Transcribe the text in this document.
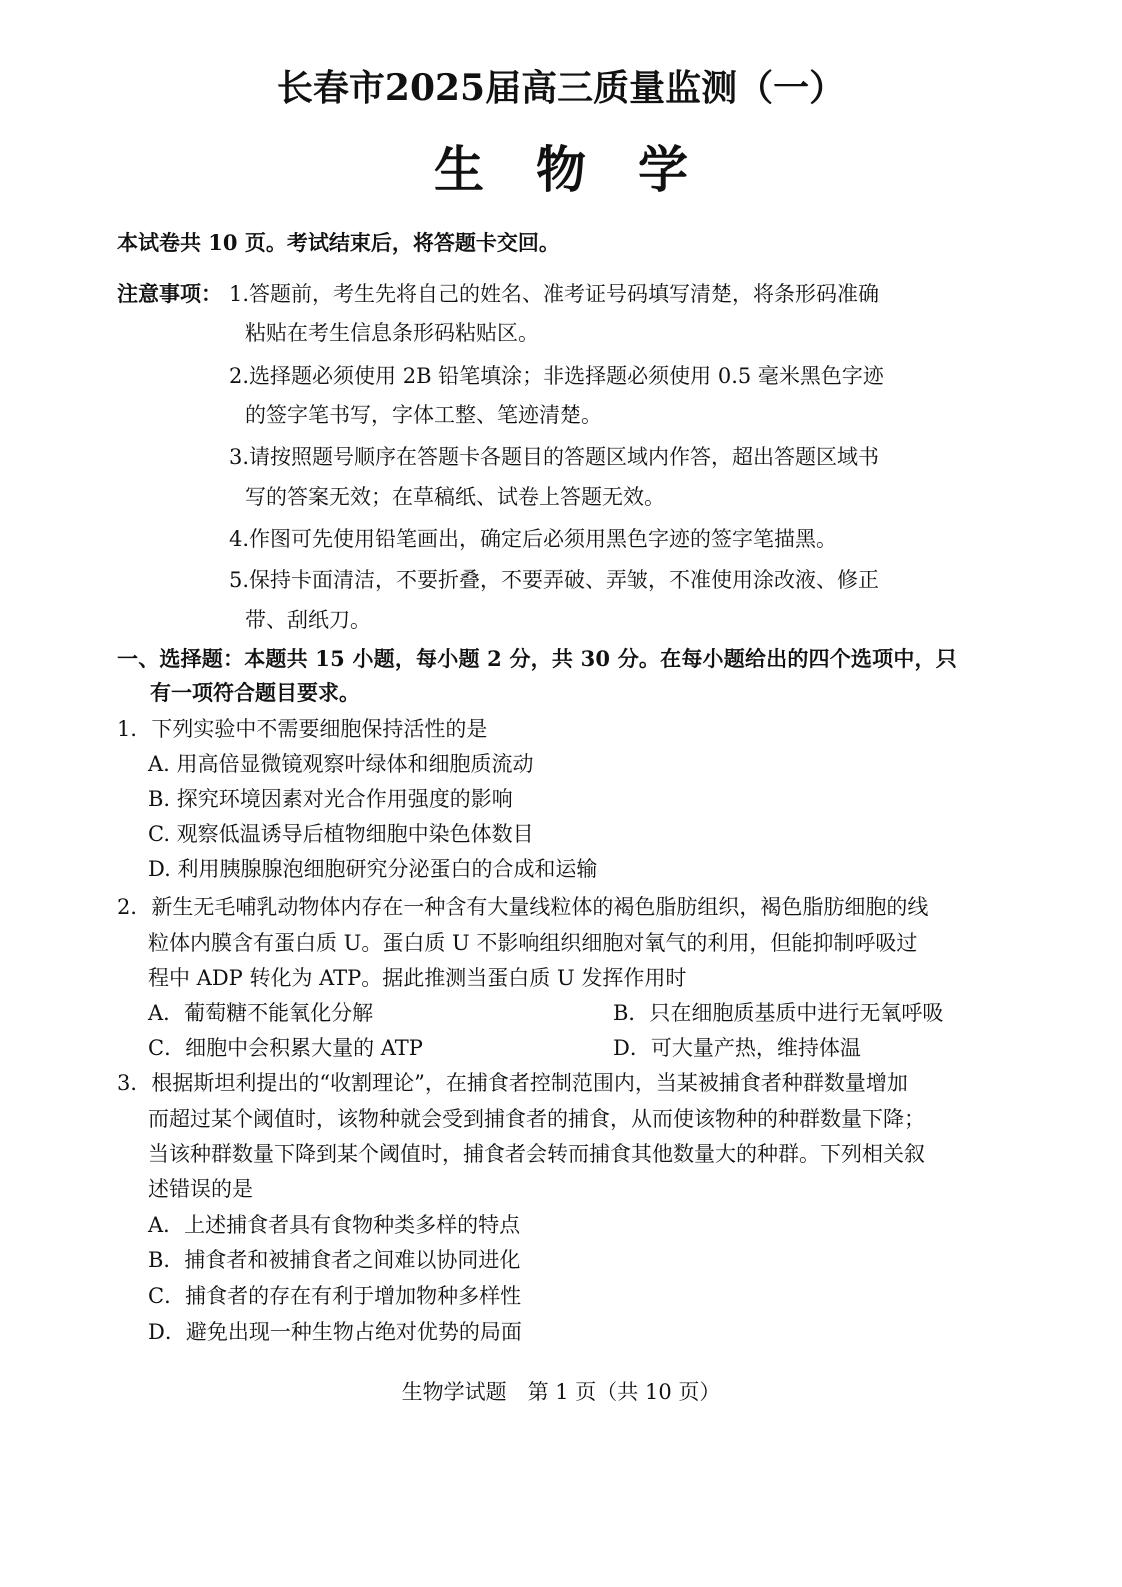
长春市2025届高三质量监测（一）
生物学
本试卷共 10 页。考试结束后，将答题卡交回。
注意事项： 1.答题前，考生先将自己的姓名、准考证号码填写清楚，将条形码准确
粘贴在考生信息条形码粘贴区。
2.选择题必须使用 2B 铅笔填涂；非选择题必须使用 0.5 毫米黑色字迹
的签字笔书写，字体工整、笔迹清楚。
3.请按照题号顺序在答题卡各题目的答题区域内作答，超出答题区域书
写的答案无效；在草稿纸、试卷上答题无效。
4.作图可先使用铅笔画出，确定后必须用黑色字迹的签字笔描黑。
5.保持卡面清洁，不要折叠，不要弄破、弄皱，不准使用涂改液、修正
带、刮纸刀。
一、选择题：本题共 15 小题，每小题 2 分，共 30 分。在每小题给出的四个选项中，只
有一项符合题目要求。
1．下列实验中不需要细胞保持活性的是
A. 用高倍显微镜观察叶绿体和细胞质流动
B. 探究环境因素对光合作用强度的影响
C. 观察低温诱导后植物细胞中染色体数目
D. 利用胰腺腺泡细胞研究分泌蛋白的合成和运输
2．新生无毛哺乳动物体内存在一种含有大量线粒体的褐色脂肪组织，褐色脂肪细胞的线
粒体内膜含有蛋白质 U。蛋白质 U 不影响组织细胞对氧气的利用，但能抑制呼吸过
程中 ADP 转化为 ATP。据此推测当蛋白质 U 发挥作用时
A．葡萄糖不能氧化分解	B．只在细胞质基质中进行无氧呼吸
C．细胞中会积累大量的 ATP	D．可大量产热，维持体温
3．根据斯坦利提出的“收割理论”，在捕食者控制范围内，当某被捕食者种群数量增加
而超过某个阈值时，该物种就会受到捕食者的捕食，从而使该物种的种群数量下降；
当该种群数量下降到某个阈值时，捕食者会转而捕食其他数量大的种群。下列相关叙
述错误的是
A．上述捕食者具有食物种类多样的特点
B．捕食者和被捕食者之间难以协同进化
C．捕食者的存在有利于增加物种多样性
D．避免出现一种生物占绝对优势的局面
生物学试题　第 1 页（共 10 页）
